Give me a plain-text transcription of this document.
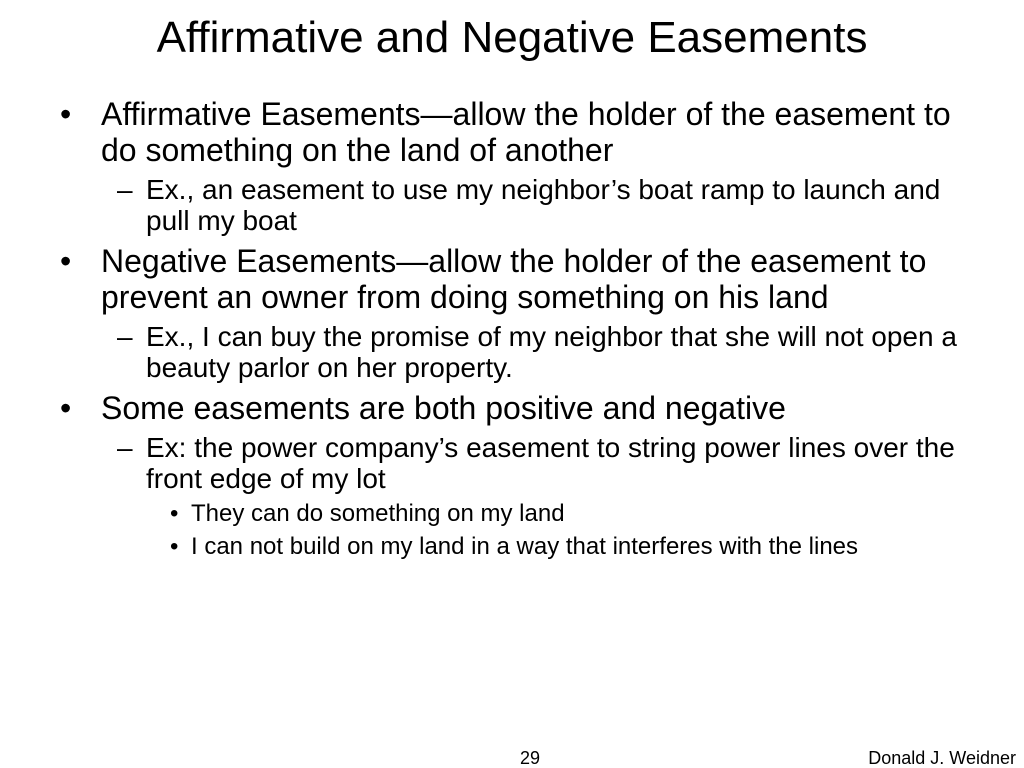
Affirmative and Negative Easements
• Affirmative Easements—allow the holder of the easement to do something on the land of another
– Ex., an easement to use my neighbor’s boat ramp to launch and pull my boat
• Negative Easements—allow the holder of the easement to prevent an owner from doing something on his land
– Ex., I can buy the promise of my neighbor that she will not open a beauty parlor on her property.
• Some easements are both positive and negative
– Ex: the power company’s easement to string power lines over the front edge of my lot
• They can do something on my land
• I can not build on my land in a way that interferes with the lines
29	Donald J. Weidner
